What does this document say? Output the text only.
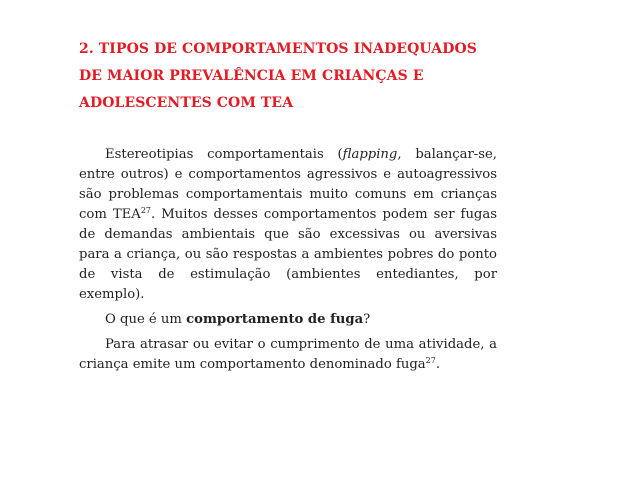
2. TIPOS DE COMPORTAMENTOS INADEQUADOS
DE MAIOR PREVALÊNCIA EM CRIANÇAS E
ADOLESCENTES COM TEA

Estereotipias comportamentais (flapping, balançar-se, entre outros) e comportamentos agressivos e autoagressivos são problemas comportamentais muito comuns em crianças com TEA$^{27}$. Muitos desses comportamentos podem ser fugas de demandas ambientais que são excessivas ou aversivas para a criança, ou são respostas a ambientes pobres do ponto de vista de estimulação (ambientes entediantes, por exemplo).

O que é um comportamento de fuga?

Para atrasar ou evitar o cumprimento de uma atividade, a criança emite um comportamento denominado fuga$^{27}$.
